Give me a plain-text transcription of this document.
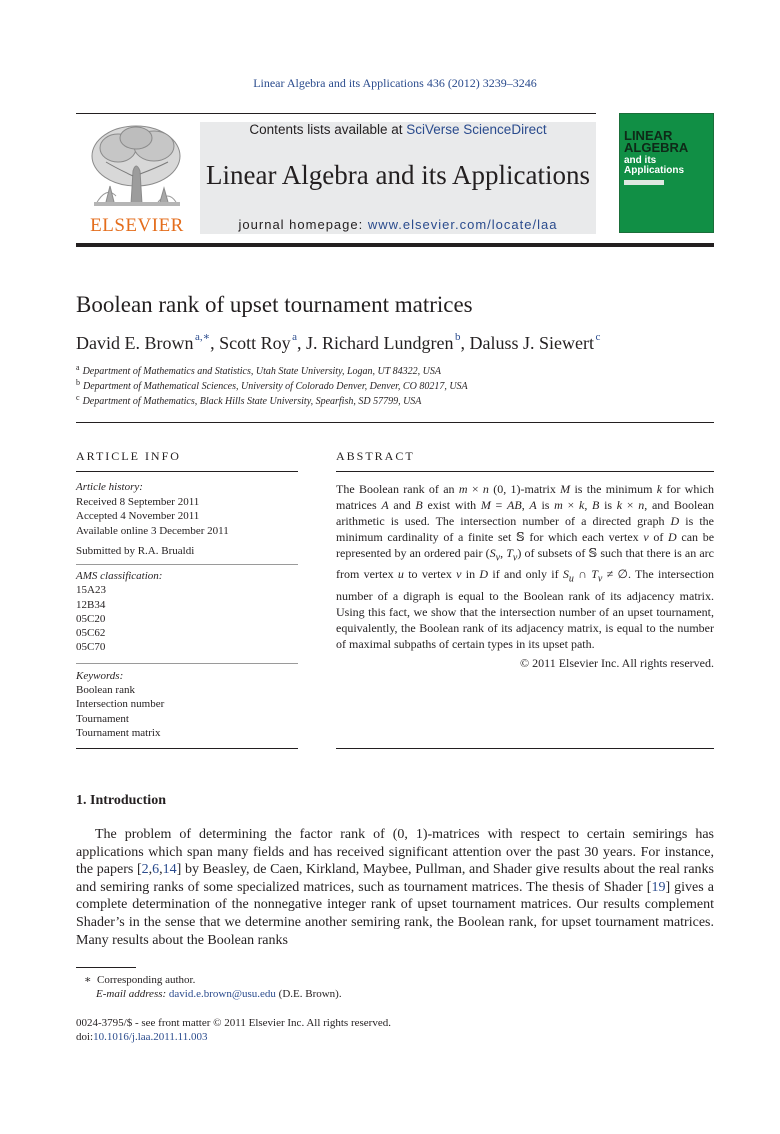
Linear Algebra and its Applications 436 (2012) 3239–3246
ELSEVIER
Contents lists available at SciVerse ScienceDirect
Linear Algebra and its Applications
journal homepage: www.elsevier.com/locate/laa
LINEAR
ALGEBRA
and its
Applications
Boolean rank of upset tournament matrices
David E. Brown  $^{a,∗}$, Scott Roy  $^a$, J. Richard Lundgren  $^b$, Daluss J. Siewert  $^c$
$^a$ Department of Mathematics and Statistics, Utah State University, Logan, UT 84322, USA
$^b$ Department of Mathematical Sciences, University of Colorado Denver, Denver, CO 80217, USA
$^c$ Department of Mathematics, Black Hills State University, Spearfish, SD 57799, USA
ARTICLE INFO
Article history:
Received 8 September 2011
Accepted 4 November 2011
Available online 3 December 2011
Submitted by R.A. Brualdi
AMS classification:
15A23
12B34
05C20
05C62
05C70
Keywords:
Boolean rank
Intersection number
Tournament
Tournament matrix
ABSTRACT
The Boolean rank of an m × n (0, 1)-matrix M is the minimum k for which matrices A and B exist with M = AB, A is m × k, B is k × n, and Boolean arithmetic is used. The intersection number of a directed graph D is the minimum cardinality of a finite set 𝕊 for which each vertex v of D can be represented by an ordered pair ($S_v$, $T_v$) of subsets of 𝕊 such that there is an arc from vertex u to vertex v in D if and only if $S_u$ ∩ $T_v$ ≠ ∅. The intersection number of a digraph is equal to the Boolean rank of its adjacency matrix. Using this fact, we show that the intersection number of an upset tournament, equivalently, the Boolean rank of its adjacency matrix, is equal to the number of maximal subpaths of certain types in its upset path.
© 2011 Elsevier Inc. All rights reserved.
1. Introduction
The problem of determining the factor rank of (0, 1)-matrices with respect to certain semirings has applications which span many fields and has received significant attention over the past 30 years. For instance, the papers [2,6,14] by Beasley, de Caen, Kirkland, Maybee, Pullman, and Shader give results about the real ranks and semiring ranks of some specialized matrices, such as tournament matrices. The thesis of Shader [19] gives a complete determination of the nonnegative integer rank of upset tournament matrices. Our results complement Shader’s in the sense that we determine another semiring rank, the Boolean rank, for upset tournament matrices. Many results about the Boolean ranks
∗ Corresponding author.
E-mail address: david.e.brown@usu.edu (D.E. Brown).
0024-3795/$ - see front matter © 2011 Elsevier Inc. All rights reserved.
doi:10.1016/j.laa.2011.11.003
